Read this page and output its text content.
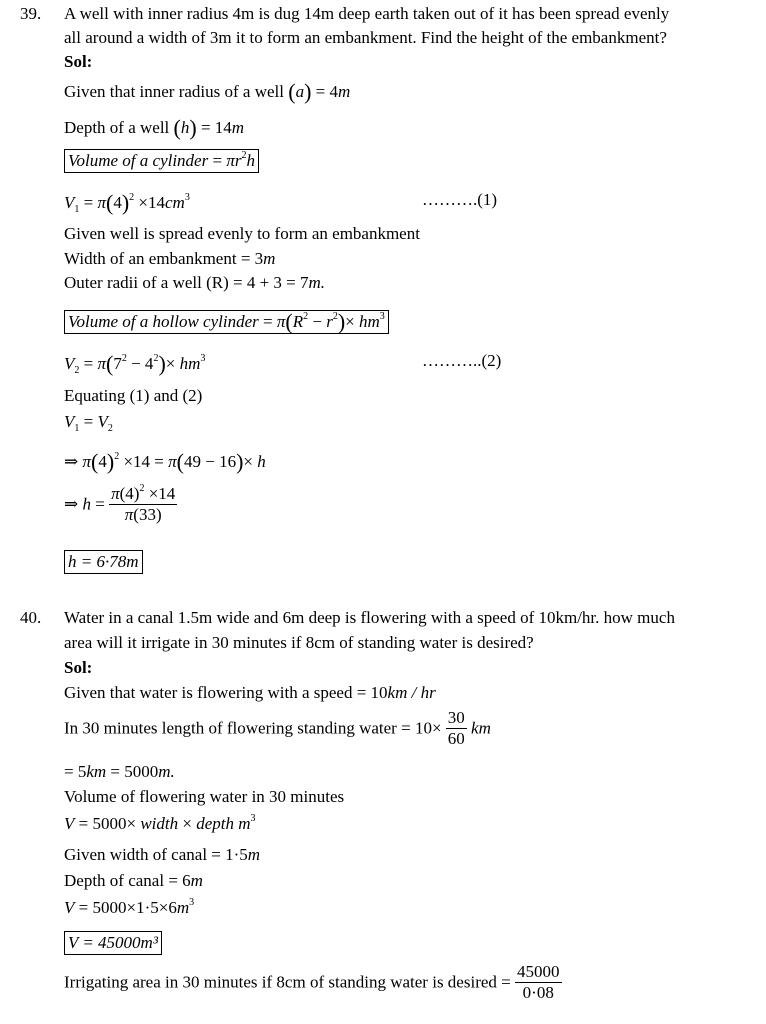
39. A well with inner radius 4m is dug 14m deep earth taken out of it has been spread evenly
all around a width of 3m it to form an embankment. Find the height of the embankment?
Sol:
Given that inner radius of a well (a) = 4m
Depth of a well (h) = 14m
Volume of a cylinder = $\pi r^2h$
$V_1 = \pi(4)^2 \times 14cm^3$	……….(1)
Given well is spread evenly to form an embankment
Width of an embankment = 3m
Outer radii of a well (R) = 4 + 3 = 7m.
Volume of a hollow cylinder = $\pi(R^2 - r^2)\times hm^3$
$V_2 = \pi(7^2 - 4^2)\times hm^3$	………..(2)
Equating (1) and (2)
$V_1 = V_2$
⇒ $\pi(4)^2 \times 14 = \pi(49 - 16)\times h$
⇒ $h = \frac{\pi(4)^2 \times 14}{\pi(33)}$
h = 6·78m
40. Water in a canal 1.5m wide and 6m deep is flowering with a speed of 10km/hr. how much
area will it irrigate in 30 minutes if 8cm of standing water is desired?
Sol:
Given that water is flowering with a speed = 10km / hr
In 30 minutes length of flowering standing water = $10\times \frac{30}{60}$ km
= 5km = 5000m.
Volume of flowering water in 30 minutes
V = 5000× width × depth $m^3$
Given width of canal = 1·5m
Depth of canal = 6m
$V = 5000\times 1\cdot 5\times 6m^3$
V = 45000m³
Irrigating area in 30 minutes if 8cm of standing water is desired = $\frac{45000}{0\cdot 08}$
